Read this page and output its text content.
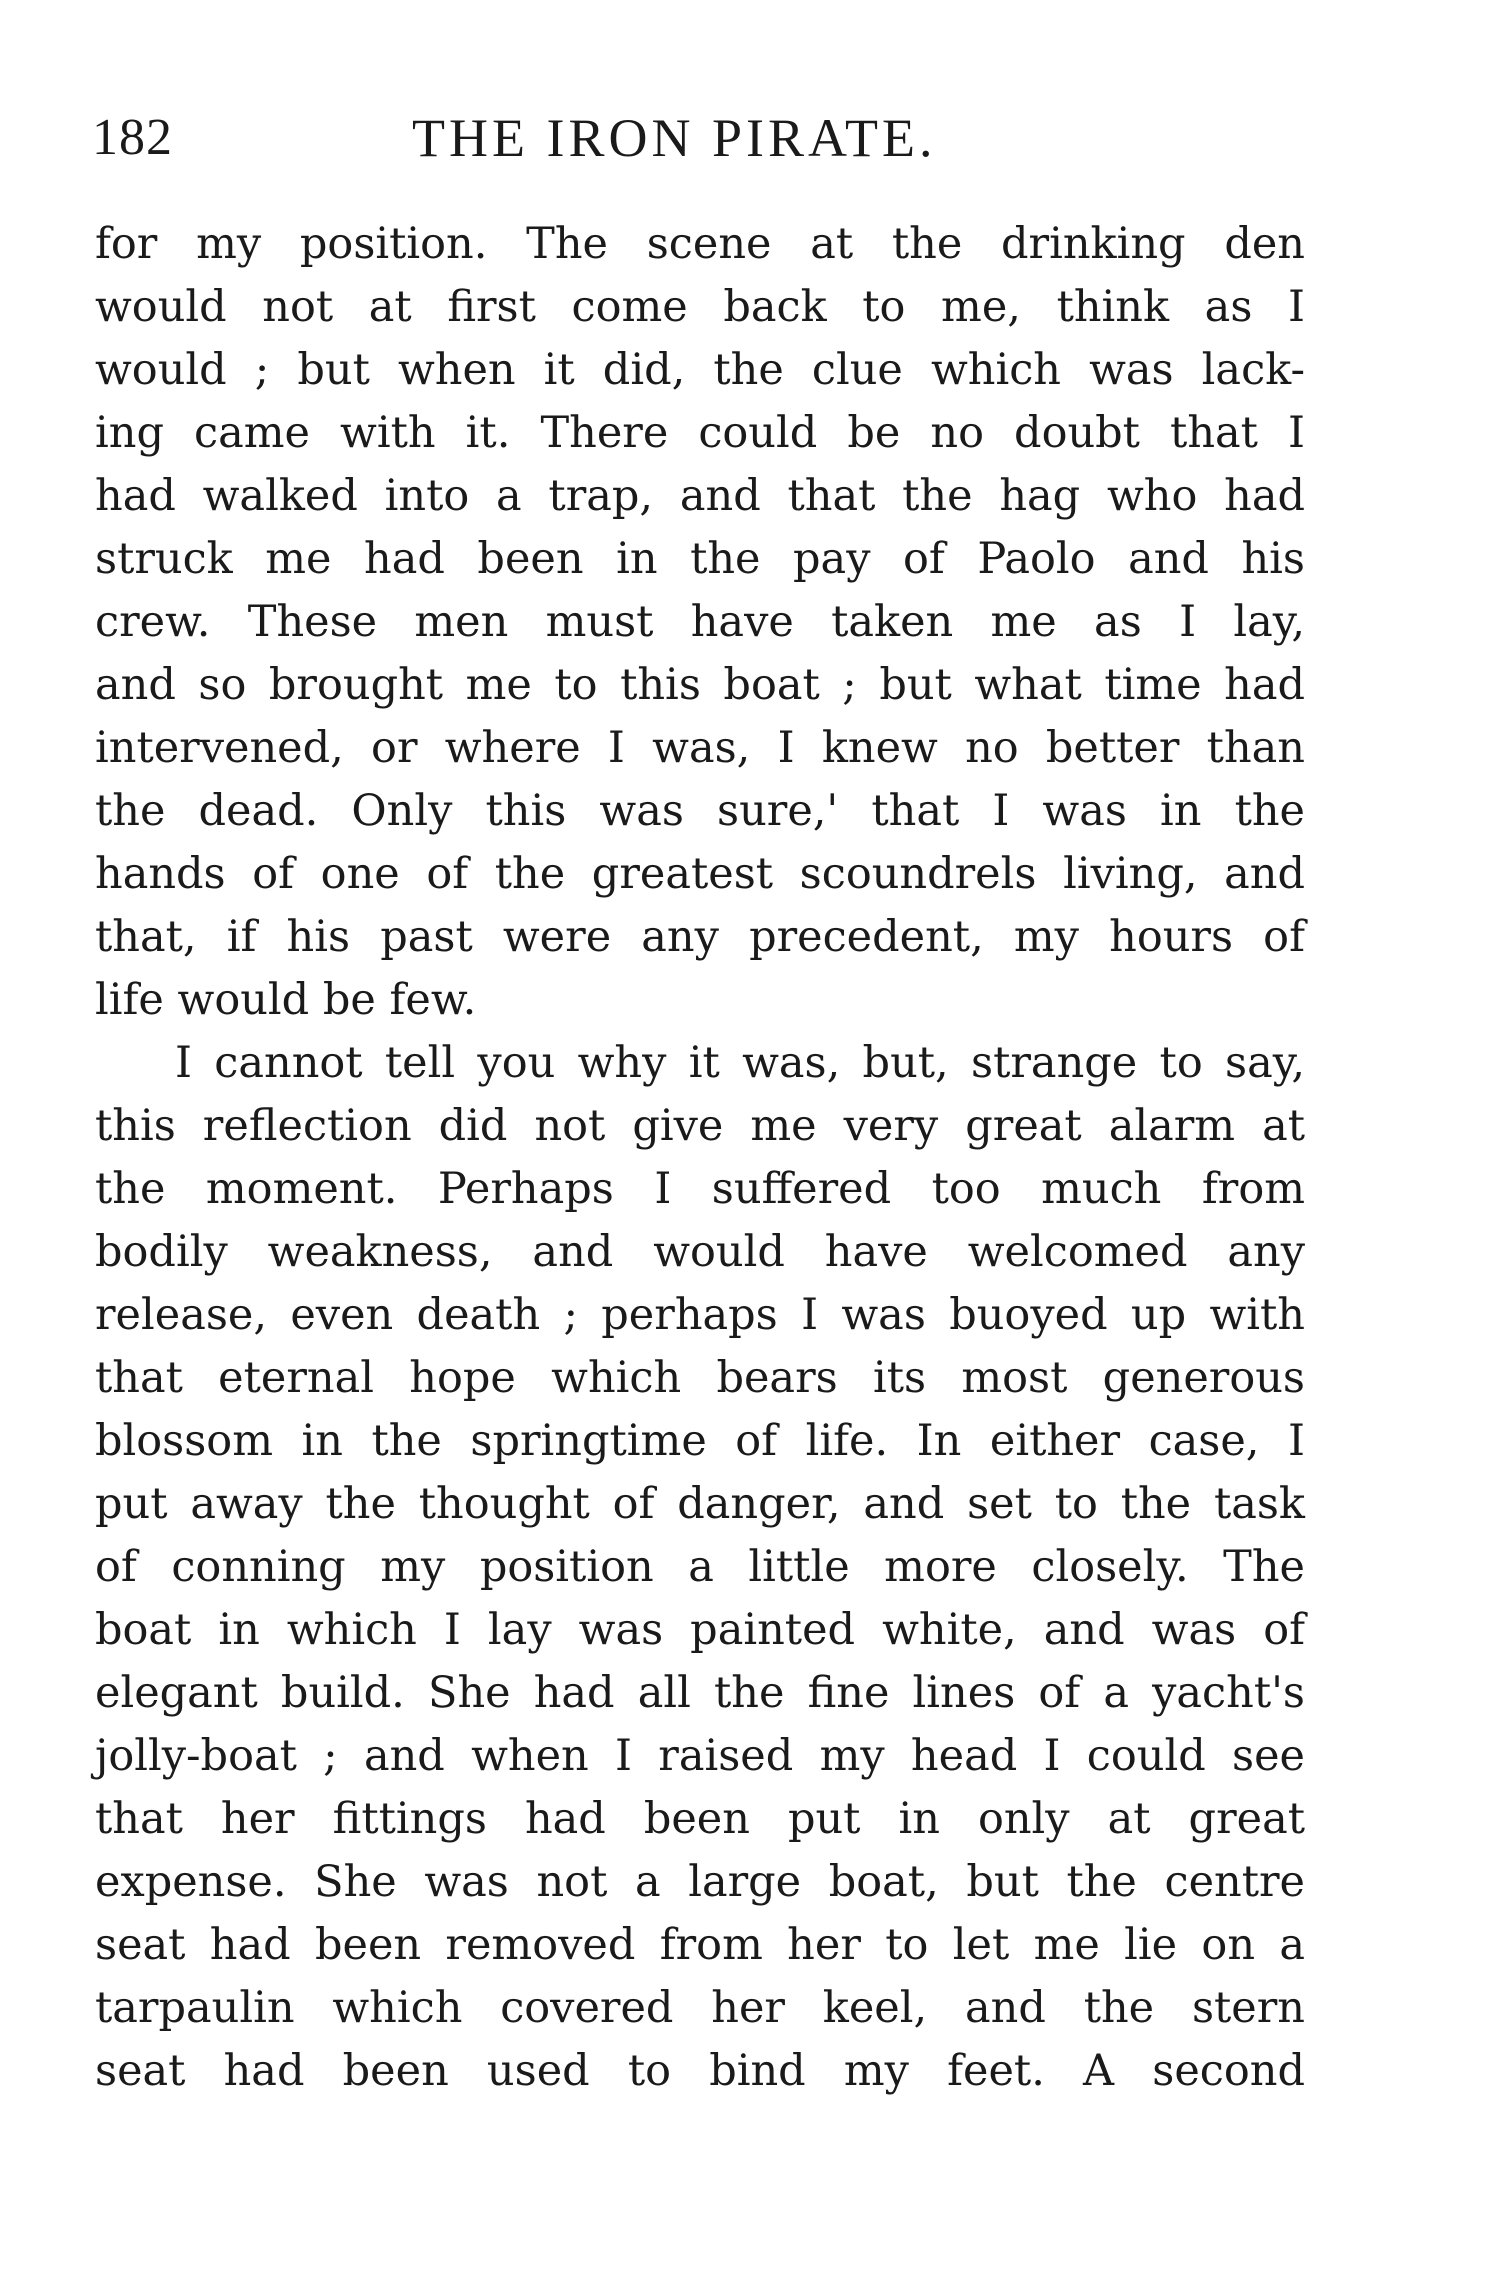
182	THE IRON PIRATE.
for my position. The scene at the drinking den
would not at first come back to me, think as I
would ; but when it did, the clue which was lack-
ing came with it. There could be no doubt that I
had walked into a trap, and that the hag who had
struck me had been in the pay of Paolo and his
crew. These men must have taken me as I lay,
and so brought me to this boat ; but what time had
intervened, or where I was, I knew no better than
the dead. Only this was sure,' that I was in the
hands of one of the greatest scoundrels living, and
that, if his past were any precedent, my hours of
life would be few.
I cannot tell you why it was, but, strange to say,
this reflection did not give me very great alarm at
the moment. Perhaps I suffered too much from
bodily weakness, and would have welcomed any
release, even death ; perhaps I was buoyed up with
that eternal hope which bears its most generous
blossom in the springtime of life. In either case, I
put away the thought of danger, and set to the task
of conning my position a little more closely. The
boat in which I lay was painted white, and was of
elegant build. She had all the fine lines of a yacht's
jolly-boat ; and when I raised my head I could see
that her fittings had been put in only at great
expense. She was not a large boat, but the centre
seat had been removed from her to let me lie on a
tarpaulin which covered her keel, and the stern
seat had been used to bind my feet. A second
